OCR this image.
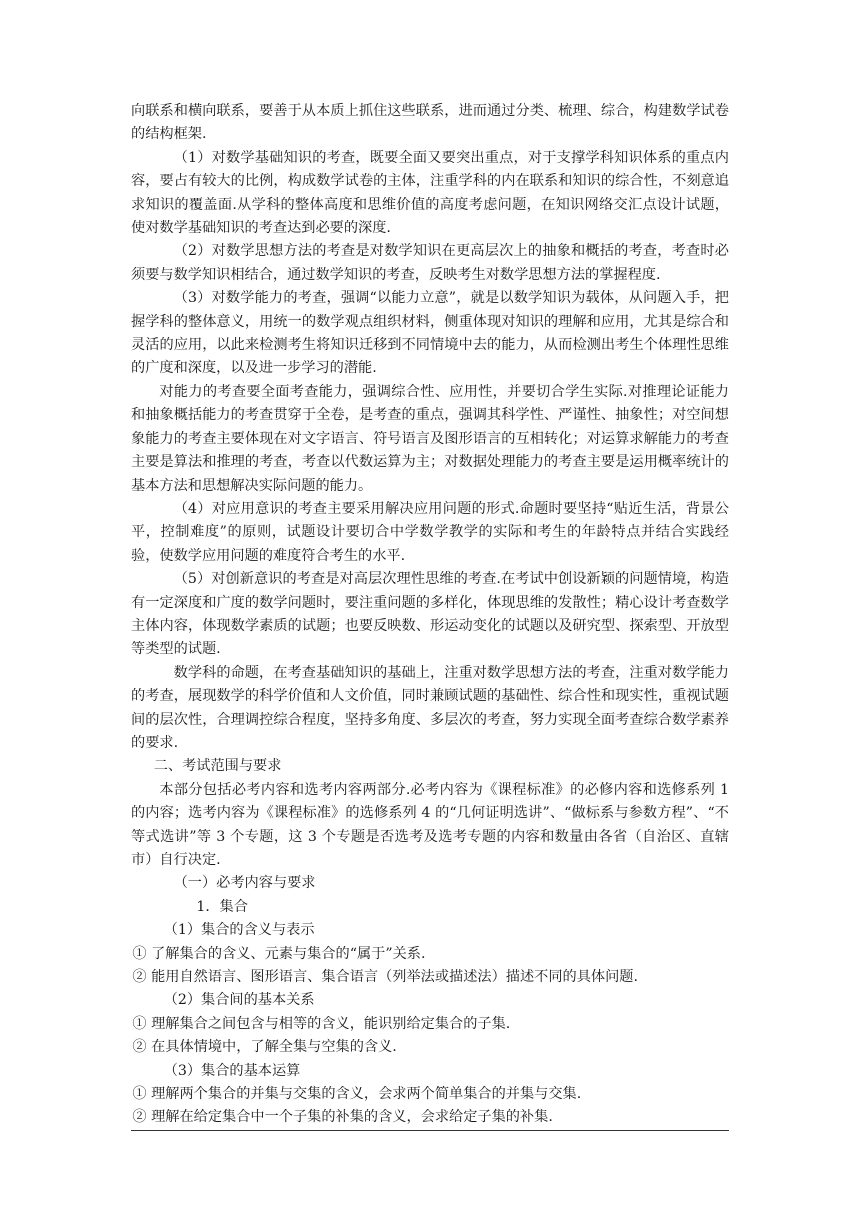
向联系和横向联系，要善于从本质上抓住这些联系，进而通过分类、梳理、综合，构建数学试卷的结构框架.

（1）对数学基础知识的考查，既要全面又要突出重点，对于支撑学科知识体系的重点内容，要占有较大的比例，构成数学试卷的主体，注重学科的内在联系和知识的综合性，不刻意追求知识的覆盖面.从学科的整体高度和思维价值的高度考虑问题，在知识网络交汇点设计试题，使对数学基础知识的考查达到必要的深度.

（2）对数学思想方法的考查是对数学知识在更高层次上的抽象和概括的考查，考查时必须要与数学知识相结合，通过数学知识的考查，反映考生对数学思想方法的掌握程度.

（3）对数学能力的考查，强调“以能力立意”，就是以数学知识为载体，从问题入手，把握学科的整体意义，用统一的数学观点组织材料，侧重体现对知识的理解和应用，尤其是综合和灵活的应用，以此来检测考生将知识迁移到不同情境中去的能力，从而检测出考生个体理性思维的广度和深度，以及进一步学习的潜能.

对能力的考查要全面考查能力，强调综合性、应用性，并要切合学生实际.对推理论证能力和抽象概括能力的考查贯穿于全卷，是考查的重点，强调其科学性、严谨性、抽象性；对空间想象能力的考查主要体现在对文字语言、符号语言及图形语言的互相转化；对运算求解能力的考查主要是算法和推理的考查，考查以代数运算为主；对数据处理能力的考查主要是运用概率统计的基本方法和思想解决实际问题的能力。

（4）对应用意识的考查主要采用解决应用问题的形式.命题时要坚持“贴近生活，背景公平，控制难度”的原则，试题设计要切合中学数学教学的实际和考生的年龄特点并结合实践经验，使数学应用问题的难度符合考生的水平.

（5）对创新意识的考查是对高层次理性思维的考查.在考试中创设新颖的问题情境，构造有一定深度和广度的数学问题时，要注重问题的多样化，体现思维的发散性；精心设计考查数学主体内容，体现数学素质的试题；也要反映数、形运动变化的试题以及研究型、探索型、开放型等类型的试题.

数学科的命题，在考查基础知识的基础上，注重对数学思想方法的考查，注重对数学能力的考查，展现数学的科学价值和人文价值，同时兼顾试题的基础性、综合性和现实性，重视试题间的层次性，合理调控综合程度，坚持多角度、多层次的考查，努力实现全面考查综合数学素养的要求.

二、考试范围与要求

本部分包括必考内容和选考内容两部分.必考内容为《课程标准》的必修内容和选修系列 1 的内容；选考内容为《课程标准》的选修系列 4 的“几何证明选讲”、“做标系与参数方程”、“不等式选讲”等 3 个专题，这 3 个专题是否选考及选考专题的内容和数量由各省（自治区、直辖市）自行决定.

（一）必考内容与要求

1．集合

（1）集合的含义与表示

① 了解集合的含义、元素与集合的“属于”关系.

② 能用自然语言、图形语言、集合语言（列举法或描述法）描述不同的具体问题.

（2）集合间的基本关系

① 理解集合之间包含与相等的含义，能识别给定集合的子集.

② 在具体情境中，了解全集与空集的含义.

（3）集合的基本运算

① 理解两个集合的并集与交集的含义，会求两个简单集合的并集与交集.

② 理解在给定集合中一个子集的补集的含义，会求给定子集的补集.
